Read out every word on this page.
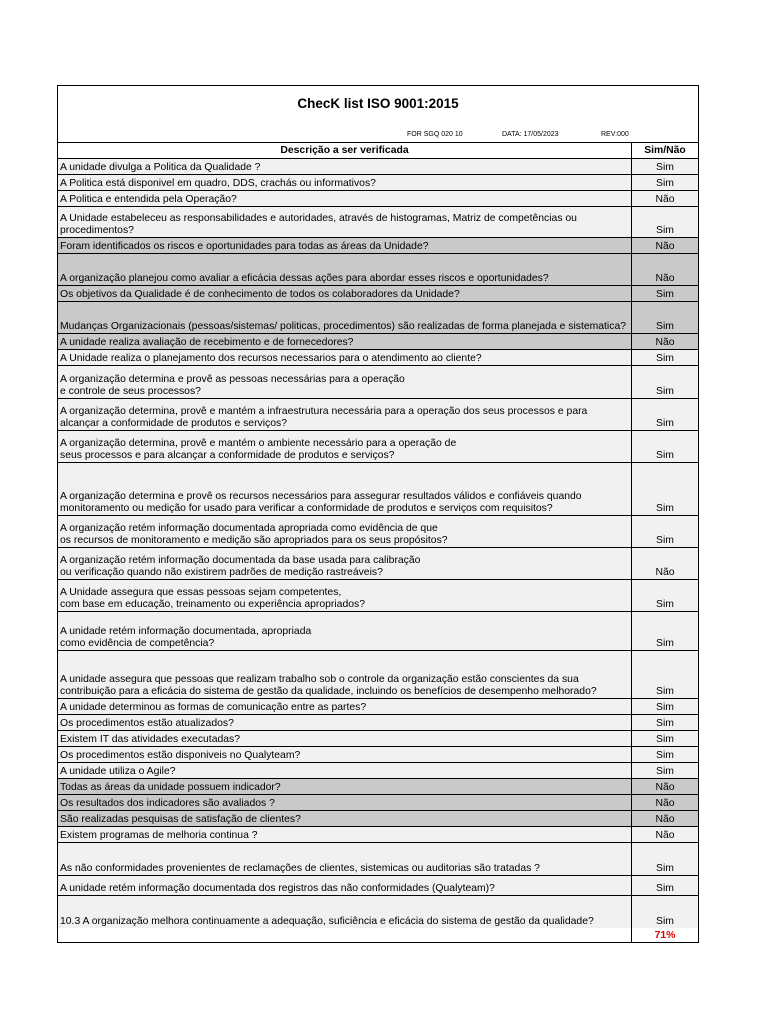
ChecK list ISO 9001:2015
FOR SGQ 020 10	DATA: 17/05/2023	REV:000
Descrição a ser verificada	Sim/Não
A unidade divulga a Politica da Qualidade ?	Sim
A Politica está disponivel em quadro, DDS, crachás ou informativos?	Sim
A Politica e entendida pela Operação?	Não
A Unidade estabeleceu as responsabilidades e autoridades, através de histogramas, Matriz de competências ou procedimentos?	Sim
Foram identificados os riscos e oportunidades para todas as áreas da Unidade?	Não
A organização planejou como avaliar a eficácia dessas ações para abordar esses riscos e oportunidades?	Não
Os objetivos da Qualidade é de conhecimento de todos os colaboradores da Unidade?	Sim
Mudanças Organizacionais (pessoas/sistemas/ politicas, procedimentos) são realizadas de forma planejada e sistematica?	Sim
A unidade realiza avaliação de recebimento e de fornecedores?	Não
A Unidade realiza o planejamento dos recursos necessarios para o atendimento ao cliente?	Sim
A organização determina e provê as pessoas necessárias para a operação
e controle de seus processos?	Sim
A organização determina, provê e mantém a infraestrutura necessária para a operação dos seus processos e para alcançar a conformidade de produtos e serviços?	Sim
A organização determina, provê e mantém o ambiente necessário para a operação de
seus processos e para alcançar a conformidade de produtos e serviços?	Sim
A organização determina e provê os recursos necessários para assegurar resultados válidos e confiáveis quando monitoramento ou medição for usado para verificar a conformidade de produtos e serviços com requisitos?	Sim
A organização retém informação documentada apropriada como evidência de que
os recursos de monitoramento e medição são apropriados para os seus propósitos?	Sim
A organização retém informação documentada da base usada para calibração
ou verificação quando não existirem padrões de medição rastreáveis?	Não
A Unidade assegura que essas pessoas sejam competentes,
com base em educação, treinamento ou experiência apropriados?	Sim
A unidade retém informação documentada, apropriada
como evidência de competência?	Sim
A unidade assegura que pessoas que realizam trabalho sob o controle da organização estão conscientes da sua contribuição para a eficácia do sistema de gestão da qualidade, incluindo os benefícios de desempenho melhorado?	Sim
A unidade determinou as formas de comunicação entre as partes?	Sim
Os procedimentos estão atualizados?	Sim
Existem IT das atividades executadas?	Sim
Os procedimentos estão disponiveis no Qualyteam?	Sim
A unidade utiliza o Agile?	Sim
Todas as áreas da unidade possuem indicador?	Não
Os resultados dos indicadores são avaliados ?	Não
São realizadas pesquisas de satisfação de clientes?	Não
Existem programas de melhoria continua ?	Não
As não conformidades provenientes de reclamações de clientes, sistemicas ou auditorias são tratadas ?	Sim
A unidade retém informação documentada dos registros das não conformidades (Qualyteam)?	Sim
10.3 A organização melhora continuamente a adequação, suficiência e eficácia do sistema de gestão da qualidade?	Sim
	71%
